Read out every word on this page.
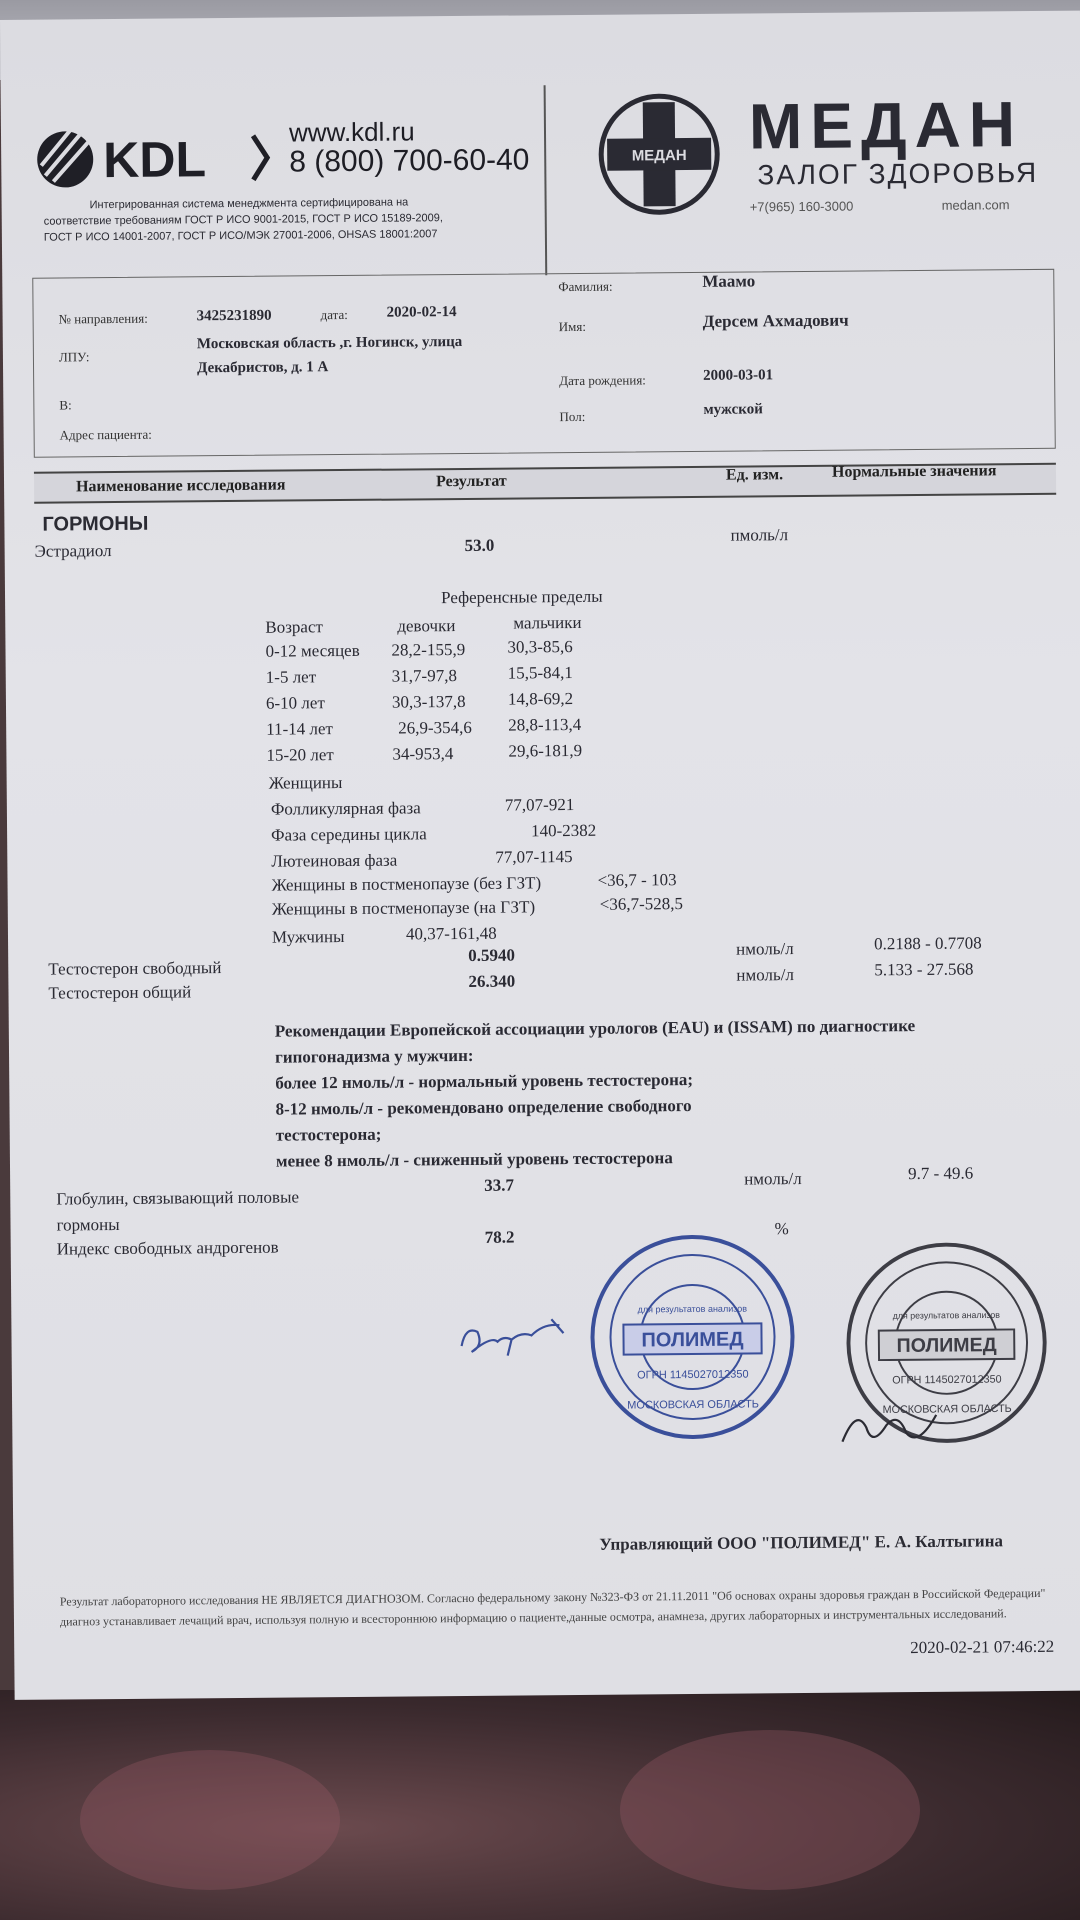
KDL	www.kdl.ru
8 (800) 700-60-40
Интегрированная система менеджмента сертифицирована на
соответствие требованиям ГОСТ Р ИСО 9001-2015, ГОСТ Р ИСО 15189-2009,
ГОСТ Р ИСО 14001-2007, ГОСТ Р ИСО/МЭК 27001-2006, OHSAS 18001:2007
МЕДАН МЕДАН
ЗАЛОГ ЗДОРОВЬЯ
+7(965) 160-3000	medan.com
№ направления:	3425231890	дата:	2020-02-14
ЛПУ:
Московская область ,г. Ногинск, улица
Декабристов, д. 1 А
В:
Адрес пациента:
Фамилия:	Маамо
Имя:	Дерсем Ахмадович
Дата рождения:	2000-03-01
Пол:	мужской
Наименование исследования	Результат	Ед. изм.	Нормальные значения
ГОРМОНЫ
Эстрадиол	53.0
пмоль/л
Референсные пределы
Возраст	девочки	мальчики
0-12 месяцев 28,2-155,9 30,3-85,6
1-5 лет	31,7-97,8	15,5-84,1
6-10 лет	30,3-137,8 14,8-69,2
11-14 лет	26,9-354,6 28,8-113,4
15-20 лет	34-953,4	29,6-181,9
Женщины
Фолликулярная фаза	77,07-921
Фаза середины цикла	140-2382
Лютеиновая фаза	77,07-1145
Женщины в постменопаузе (без ГЗТ)	<36,7 - 103
Женщины в постменопаузе (на ГЗТ)	<36,7-528,5
Мужчины	40,37-161,48
Тестостерон свободный
0.5940	нмоль/л	0.2188 - 0.7708
Тестостерон общий
26.340	нмоль/л	5.133 - 27.568
Рекомендации Европейской ассоциации урологов (EAU) и (ISSAM) по диагностике
гипогонадизма у мужчин:
более 12 нмоль/л - нормальный уровень тестостерона;
8-12 нмоль/л - рекомендовано определение свободного
тестостерона;
менее 8 нмоль/л - сниженный уровень тестостерона
Глобулин, связывающий половые
гормоны
33.7	нмоль/л	9.7 - 49.6
Индекс свободных андрогенов
78.2	%
ПОЛИМЕД
для результатов анализов
ОГРН 1145027012350
МОСКОВСКАЯ ОБЛАСТЬ
ПОЛИМЕД
для результатов анализов
ОГРН 1145027012350
МОСКОВСКАЯ ОБЛАСТЬ
Управляющий ООО "ПОЛИМЕД" Е. А. Калтыгина
Результат лабораторного исследования НЕ ЯВЛЯЕТСЯ ДИАГНОЗОМ. Согласно федеральному закону №323-ФЗ от 21.11.2011 "Об основах охраны здоровья граждан в Российской Федерации" диагноз устанавливает лечащий врач, используя полную и всестороннюю информацию о пациенте,данные осмотра, анамнеза, других лабораторных и инструментальных исследований.
2020-02-21 07:46:22
